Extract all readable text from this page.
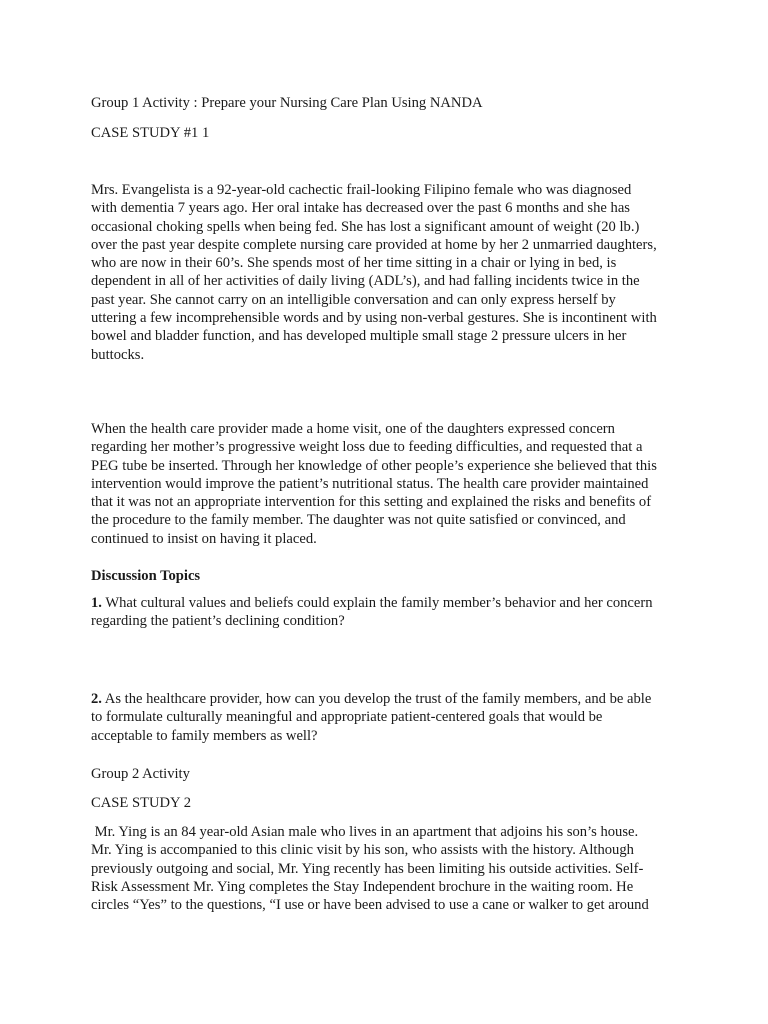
Group 1 Activity : Prepare your Nursing Care Plan Using NANDA

CASE STUDY #1 1

Mrs. Evangelista is a 92-year-old cachectic frail-looking Filipino female who was diagnosed
with dementia 7 years ago. Her oral intake has decreased over the past 6 months and she has
occasional choking spells when being fed. She has lost a significant amount of weight (20 lb.)
over the past year despite complete nursing care provided at home by her 2 unmarried daughters,
who are now in their 60’s. She spends most of her time sitting in a chair or lying in bed, is
dependent in all of her activities of daily living (ADL’s), and had falling incidents twice in the
past year. She cannot carry on an intelligible conversation and can only express herself by
uttering a few incomprehensible words and by using non-verbal gestures. She is incontinent with
bowel and bladder function, and has developed multiple small stage 2 pressure ulcers in her
buttocks.
When the health care provider made a home visit, one of the daughters expressed concern
regarding her mother’s progressive weight loss due to feeding difficulties, and requested that a
PEG tube be inserted. Through her knowledge of other people’s experience she believed that this
intervention would improve the patient’s nutritional status. The health care provider maintained
that it was not an appropriate intervention for this setting and explained the risks and benefits of
the procedure to the family member. The daughter was not quite satisfied or convinced, and
continued to insist on having it placed.

Discussion Topics

1. What cultural values and beliefs could explain the family member’s behavior and her concern
regarding the patient’s declining condition?
2. As the healthcare provider, how can you develop the trust of the family members, and be able
to formulate culturally meaningful and appropriate patient-centered goals that would be
acceptable to family members as well?

Group 2 Activity

CASE STUDY 2

Mr. Ying is an 84 year-old Asian male who lives in an apartment that adjoins his son’s house.
Mr. Ying is accompanied to this clinic visit by his son, who assists with the history. Although
previously outgoing and social, Mr. Ying recently has been limiting his outside activities. Self-
Risk Assessment Mr. Ying completes the Stay Independent brochure in the waiting room. He
circles “Yes” to the questions, “I use or have been advised to use a cane or walker to get around
